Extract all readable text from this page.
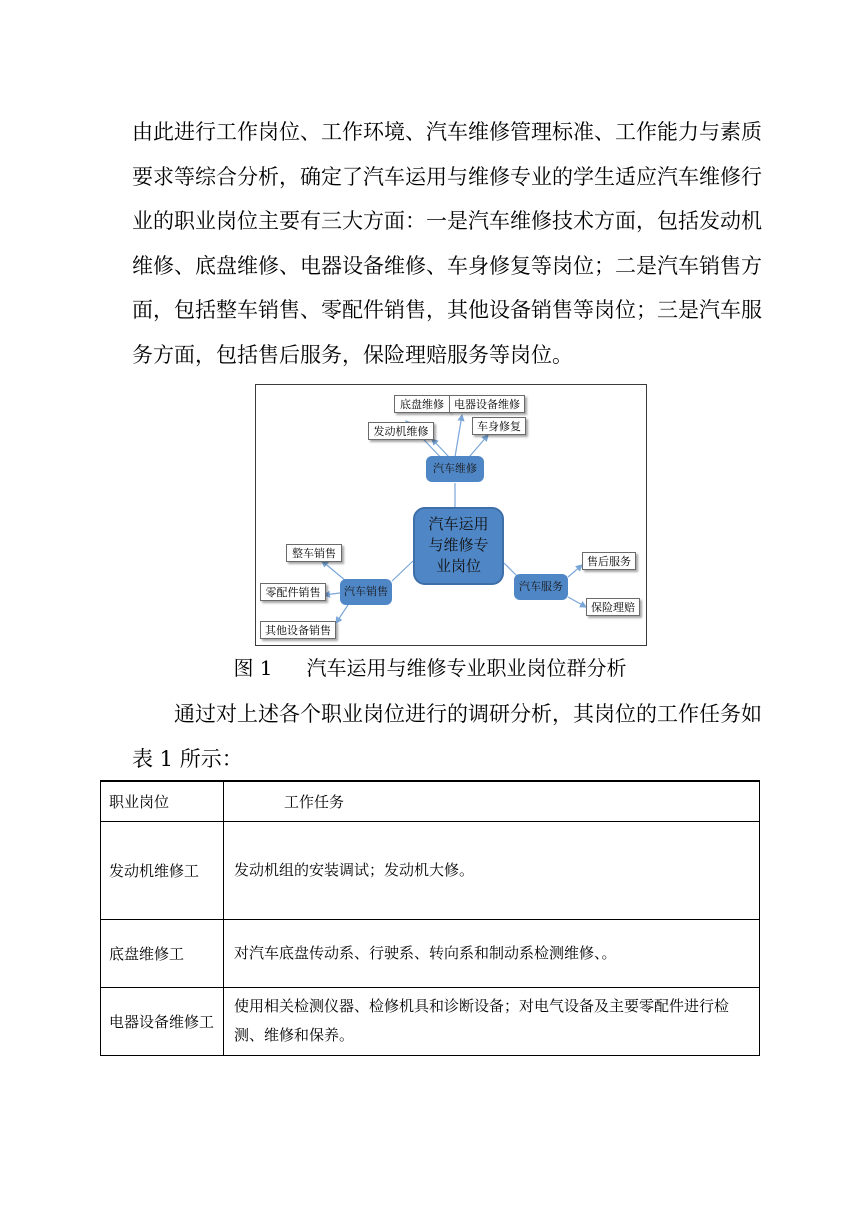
由此进行工作岗位、工作环境、汽车维修管理标准、工作能力与素质
要求等综合分析，确定了汽车运用与维修专业的学生适应汽车维修行
业的职业岗位主要有三大方面：一是汽车维修技术方面，包括发动机
维修、底盘维修、电器设备维修、车身修复等岗位；二是汽车销售方
面，包括整车销售、零配件销售，其他设备销售等岗位；三是汽车服
务方面，包括售后服务，保险理赔服务等岗位。
底盘维修 电器设备维修
发动机维修	车身修复
汽车维修
汽车运用
与维修专
业岗位
整车销售
零配件销售
其他设备销售
汽车销售	汽车服务
售后服务
保险理赔
图 1 汽车运用与维修专业职业岗位群分析
　　通过对上述各个职业岗位进行的调研分析，其岗位的工作任务如
表 1 所示：
职业岗位	工作任务
发动机维修工	发动机组的安装调试；发动机大修。
底盘维修工	对汽车底盘传动系、行驶系、转向系和制动系检测维修、。
电器设备维修工	使用相关检测仪器、检修机具和诊断设备；对电气设备及主要零配件进行检测、维修和保养。
